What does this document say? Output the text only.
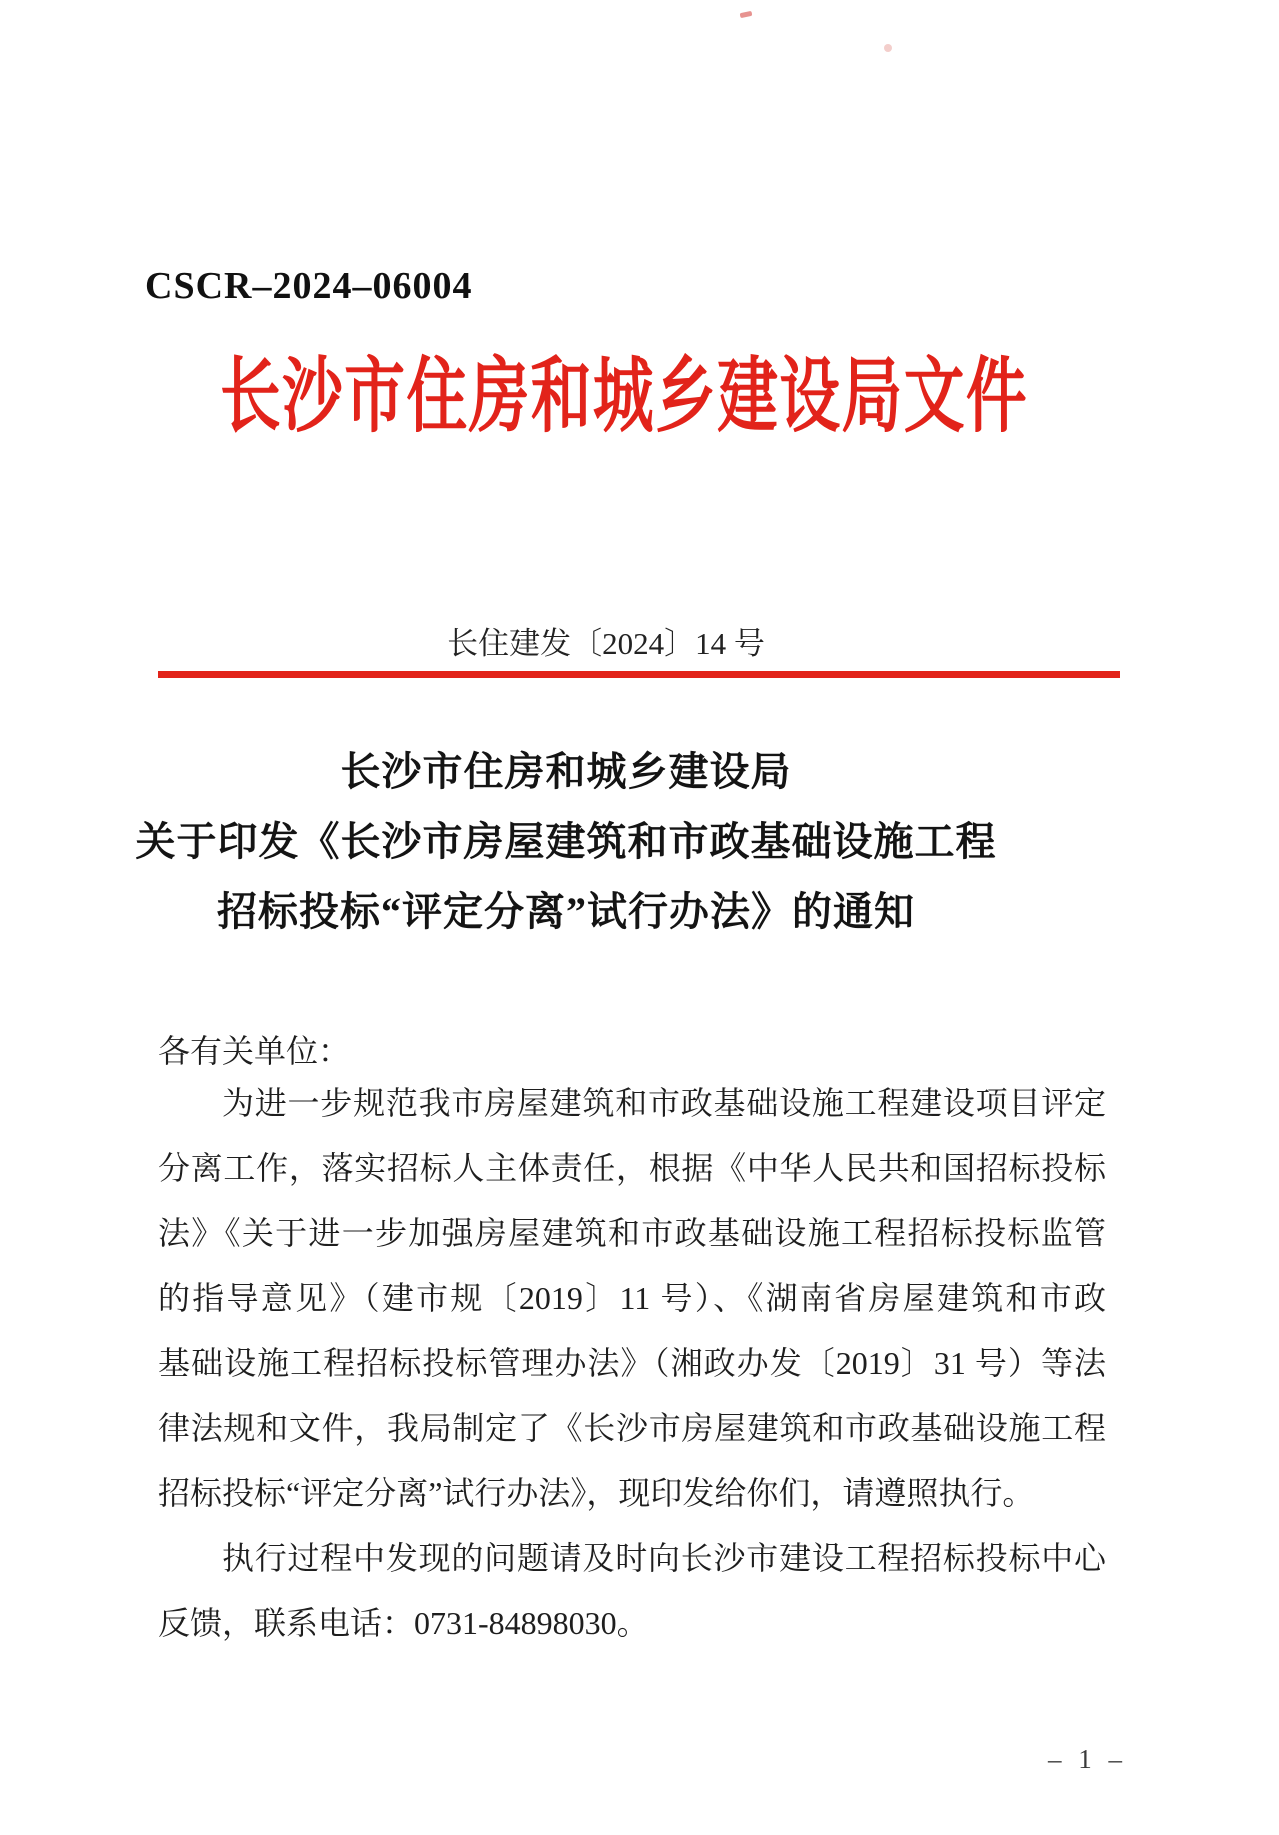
CSCR–2024–06004
长沙市住房和城乡建设局文件
长住建发〔2024〕14 号
长沙市住房和城乡建设局
关于印发《长沙市房屋建筑和市政基础设施工程
招标投标“评定分离”试行办法》的通知
各有关单位：
为进一步规范我市房屋建筑和市政基础设施工程建设项目评定
分离工作，落实招标人主体责任，根据《中华人民共和国招标投标
法》《关于进一步加强房屋建筑和市政基础设施工程招标投标监管
的指导意见》（建市规〔2019〕11 号）、《湖南省房屋建筑和市政
基础设施工程招标投标管理办法》（湘政办发〔2019〕31 号）等法
律法规和文件，我局制定了《长沙市房屋建筑和市政基础设施工程
招标投标“评定分离”试行办法》，现印发给你们，请遵照执行。
执行过程中发现的问题请及时向长沙市建设工程招标投标中心
反馈，联系电话：0731-84898030。
– 1 –
